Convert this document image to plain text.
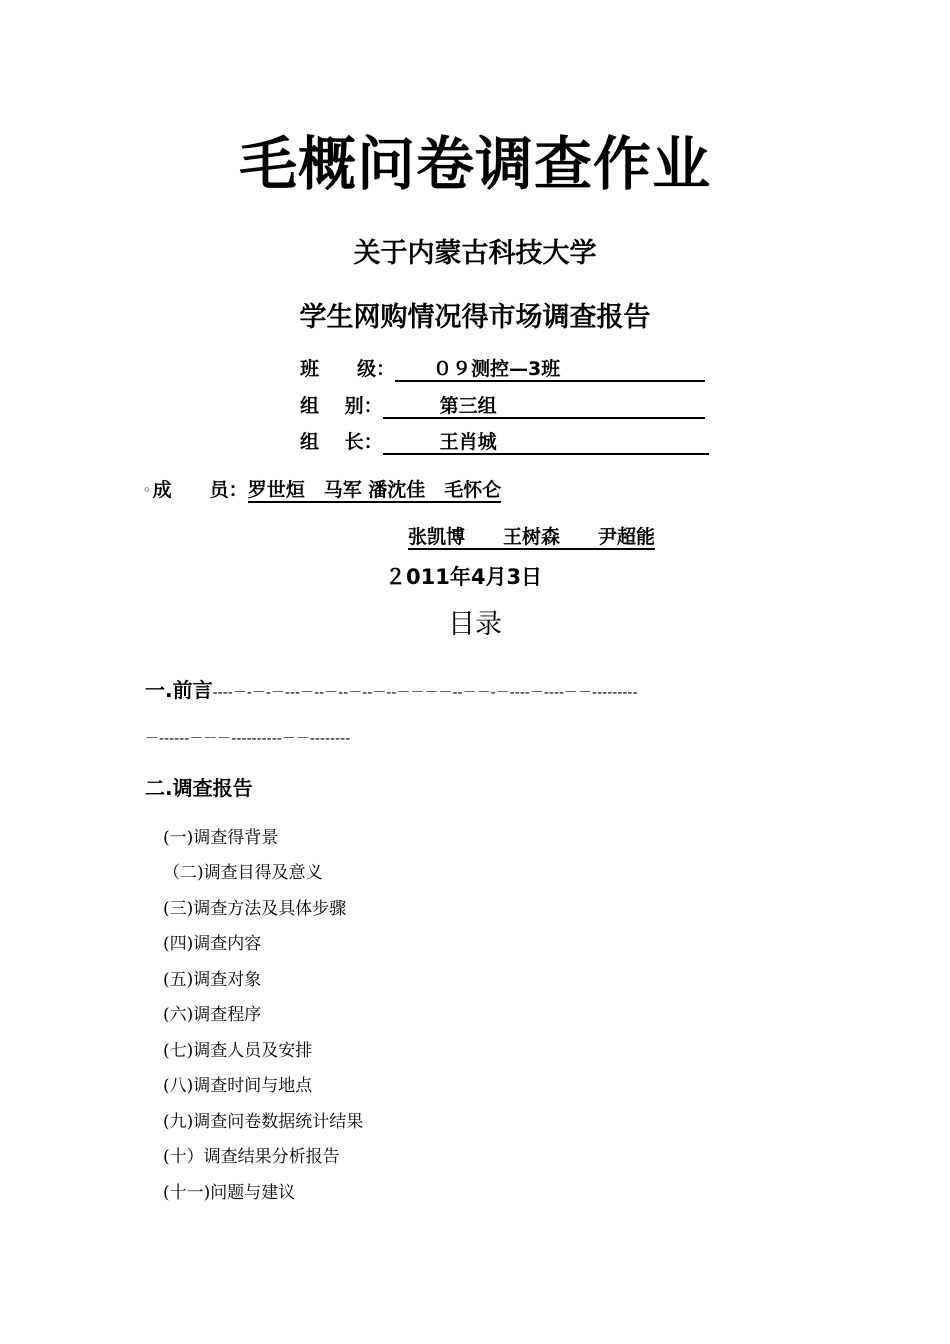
毛概问卷调查作业
关于内蒙古科技大学
学生网购情况得市场调查报告
班　　级： 　　０９测控—3班　　　　　
组　 别： 　　　第三组　　　　　　　　
组　 长： 　　　王肖城　　　　　　　　
◦ 成　　员： 罗世烜　马军 潘沈佳　毛怀仑
张凯博　　王树森　　尹超能
２011年4月3日
目录
一.前言----－-－-－---－--－--－--－--－－－－--－－-－----－----－－---------
－------－－－----------－－--------
二.调查报告
(一)调查得背景
（二)调查目得及意义
(三)调查方法及具体步骤
(四)调查内容
(五)调查对象
(六)调查程序
(七)调查人员及安排
(八)调查时间与地点
(九)调查问卷数据统计结果
(十）调查结果分析报告
(十一)问题与建议
